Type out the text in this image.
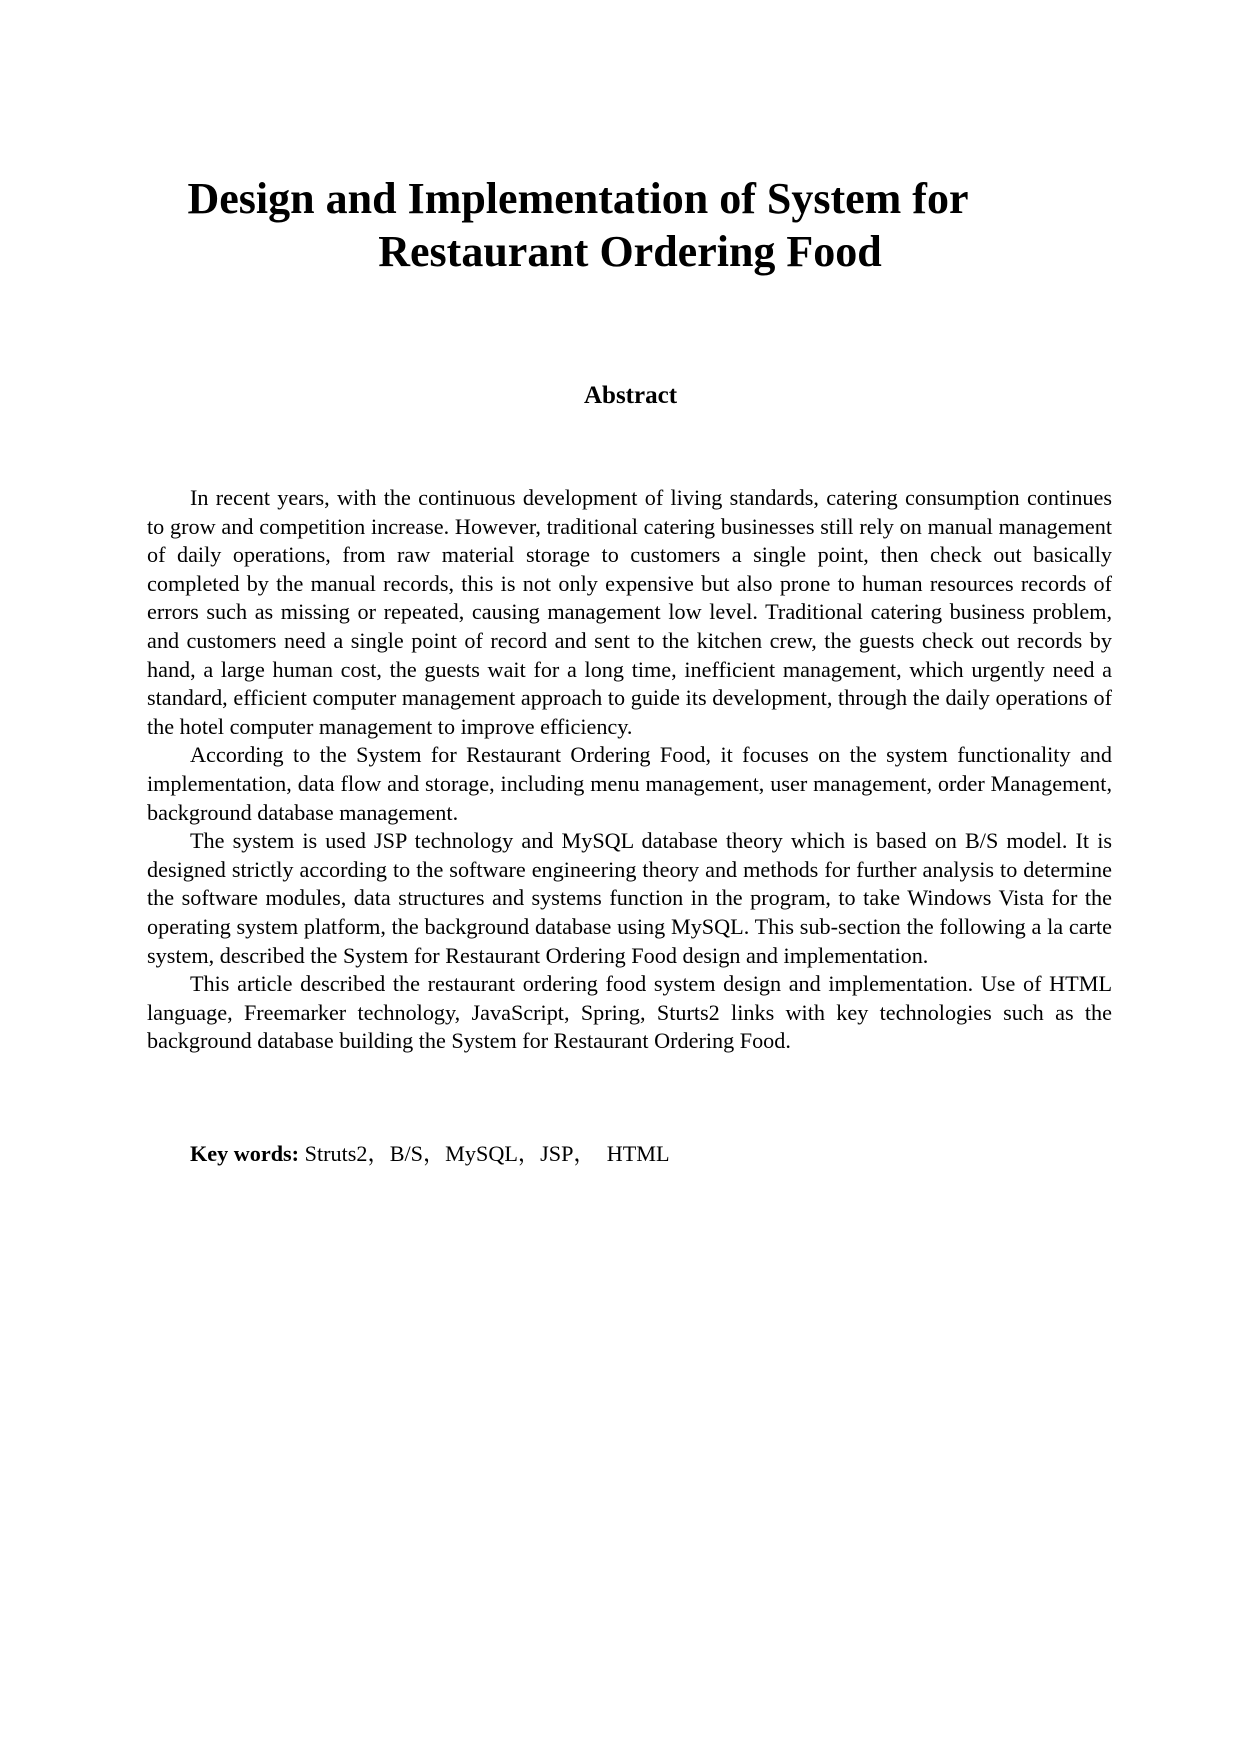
Design and Implementation of System for
Restaurant Ordering Food
Abstract

In recent years, with the continuous development of living standards, catering consumption continues to grow and competition increase. However, traditional catering businesses still rely on manual management of daily operations, from raw material storage to customers a single point, then check out basically completed by the manual records, this is not only expensive but also prone to human resources records of errors such as missing or repeated, causing management low level. Traditional catering business problem, and customers need a single point of record and sent to the kitchen crew, the guests check out records by hand, a large human cost, the guests wait for a long time, inefficient management, which urgently need a standard, efficient computer management approach to guide its development, through the daily operations of the hotel computer management to improve efficiency.

According to the System for Restaurant Ordering Food, it focuses on the system functionality and implementation, data flow and storage, including menu management, user management, order Management, background database management.

The system is used JSP technology and MySQL database theory which is based on B/S model. It is designed strictly according to the software engineering theory and methods for further analysis to determine the software modules, data structures and systems function in the program, to take Windows Vista for the operating system platform, the background database using MySQL. This sub-section the following a la carte system, described the System for Restaurant Ordering Food design and implementation.

This article described the restaurant ordering food system design and implementation. Use of HTML language, Freemarker technology, JavaScript, Spring, Sturts2 links with key technologies such as the background database building the System for Restaurant Ordering Food.

Key words: Struts2，B/S，MySQL，JSP，  HTML
